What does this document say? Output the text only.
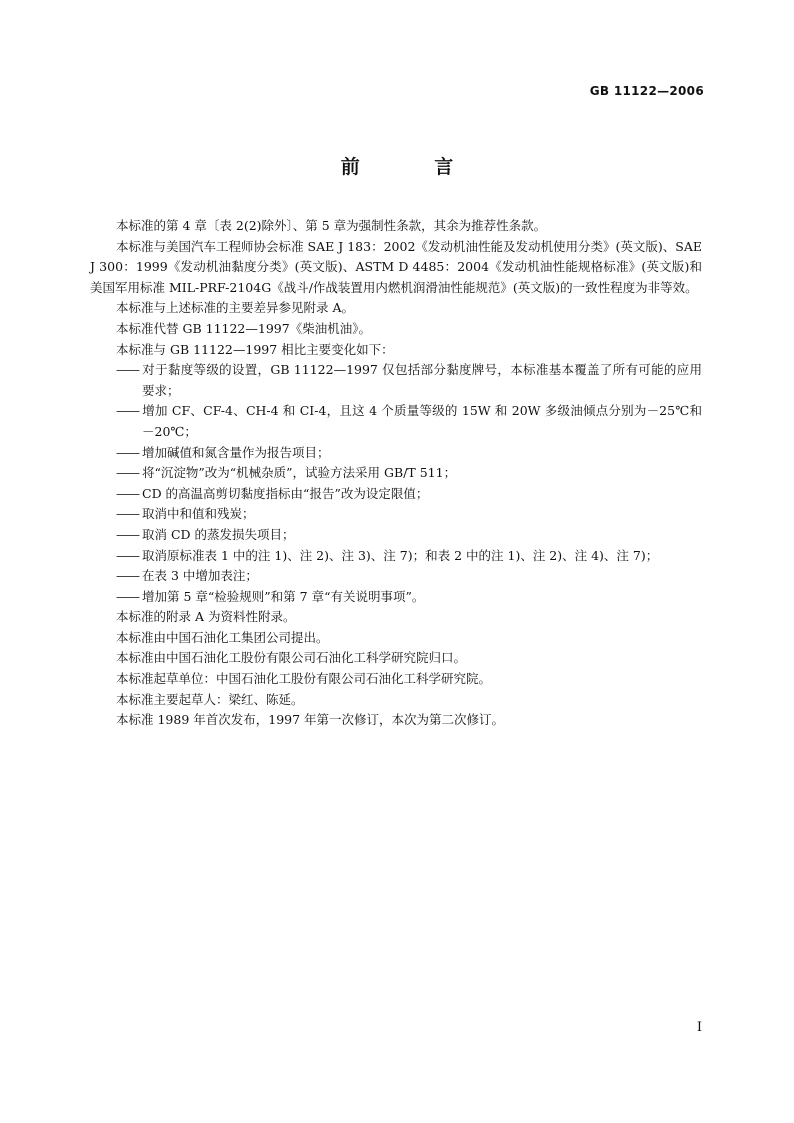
GB 11122—2006
前 言

本标准的第 4 章〔表 2(2)除外〕、第 5 章为强制性条款，其余为推荐性条款。

本标准与美国汽车工程师协会标准 SAE J 183：2002《发动机油性能及发动机使用分类》(英文版)、SAE J 300：1999《发动机油黏度分类》(英文版)、ASTM D 4485：2004《发动机油性能规格标准》(英文版)和美国军用标准 MIL-PRF-2104G《战斗/作战装置用内燃机润滑油性能规范》(英文版)的一致性程度为非等效。

本标准与上述标准的主要差异参见附录 A。

本标准代替 GB 11122—1997《柴油机油》。

本标准与 GB 11122—1997 相比主要变化如下：

—— 对于黏度等级的设置，GB 11122—1997 仅包括部分黏度牌号，本标准基本覆盖了所有可能的应用要求；

—— 增加 CF、CF-4、CH-4 和 CI-4，且这 4 个质量等级的 15W 和 20W 多级油倾点分别为－25℃和－20℃；

—— 增加碱值和氮含量作为报告项目；

—— 将“沉淀物”改为“机械杂质”，试验方法采用 GB/T 511；

—— CD 的高温高剪切黏度指标由“报告”改为设定限值；

—— 取消中和值和残炭；

—— 取消 CD 的蒸发损失项目；

—— 取消原标准表 1 中的注 1)、注 2)、注 3)、注 7)；和表 2 中的注 1)、注 2)、注 4)、注 7)；

—— 在表 3 中增加表注；

—— 增加第 5 章“检验规则”和第 7 章“有关说明事项”。

本标准的附录 A 为资料性附录。

本标准由中国石油化工集团公司提出。

本标准由中国石油化工股份有限公司石油化工科学研究院归口。

本标准起草单位：中国石油化工股份有限公司石油化工科学研究院。

本标准主要起草人：梁红、陈延。

本标准 1989 年首次发布，1997 年第一次修订，本次为第二次修订。

I
